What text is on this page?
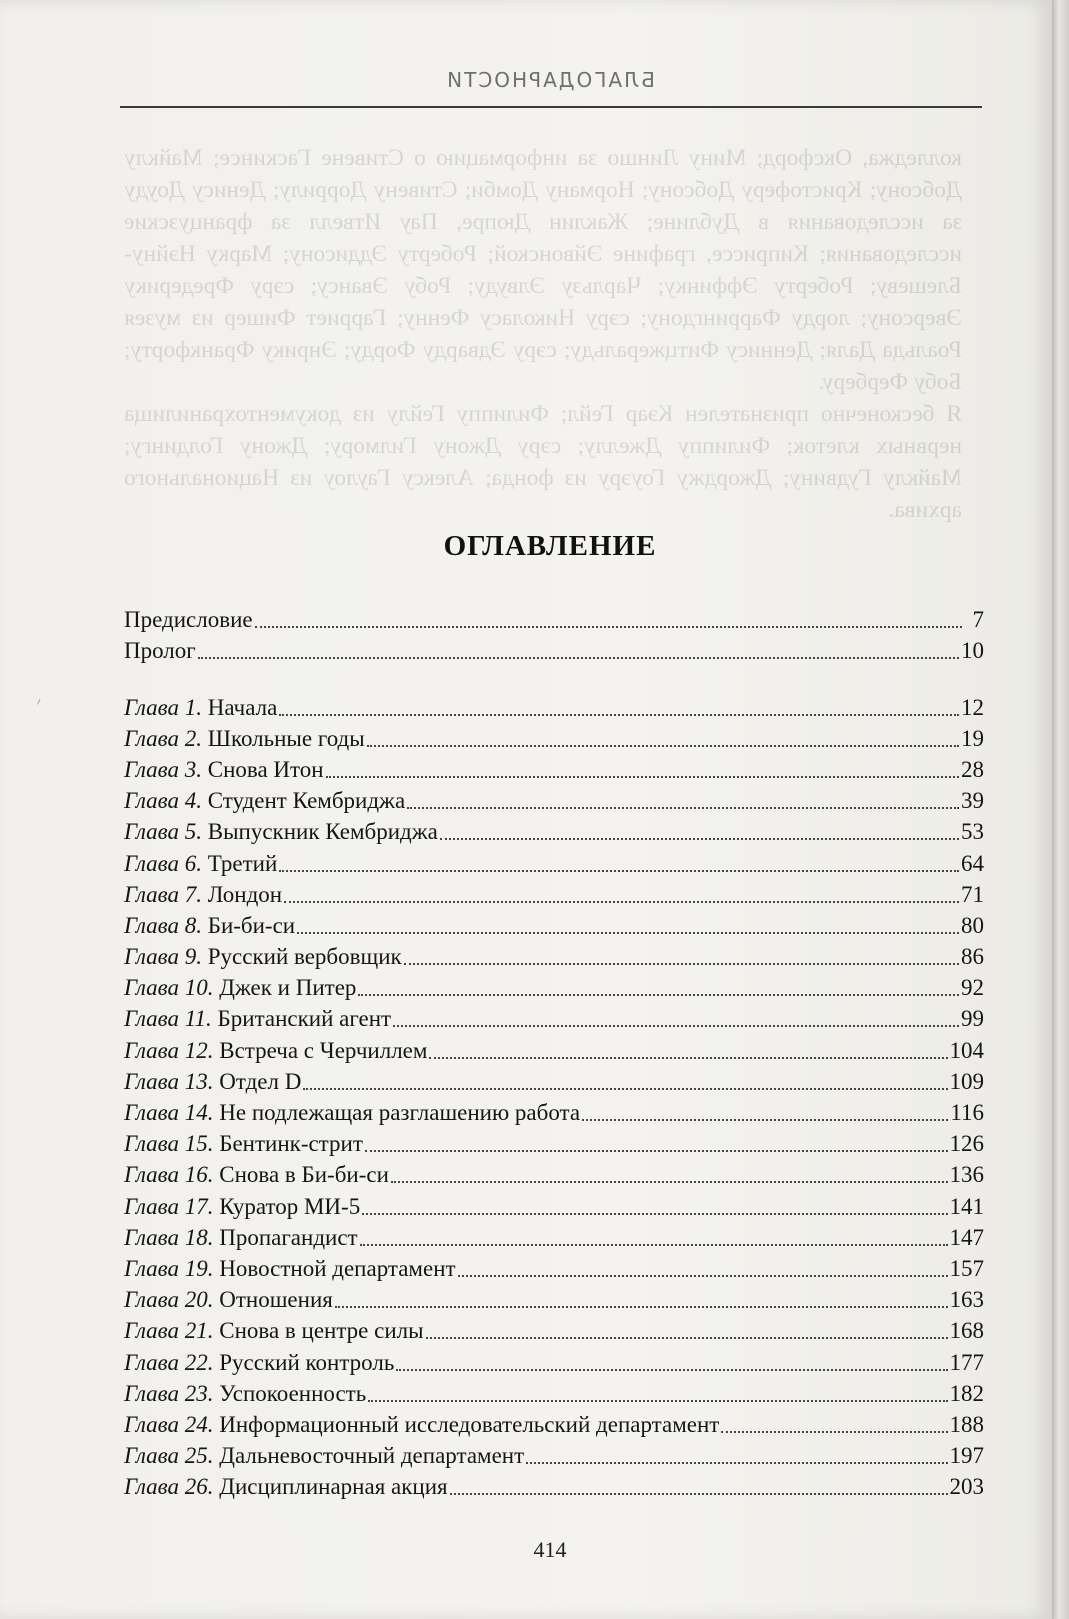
БЛАГОДАРНОСТИ

колледжа, Оксфорд; Мину Линшо за информацию о Стивене Гаскинсе; Майклу Добсону; Кристоферу Добсону; Норману Домби; Стивену Доррилу; Денису Доуду за исследования в Дублине; Жаклин Дюпре, Пау Итвелл за французские исследования; Киприссе, графине Эйвонской; Роберту Эддисону; Марку Нэйну-Блешеву; Роберту Эффинку; Чарльзу Элвуду; Робу Эвансу; сэру Фредерику Эверсону; лорду Фаррингдону; сэру Николасу Фенну; Гарриет Фишер из музея Роальда Даля; Деннису Фитцжеральду; сэру Эдварду Форду; Энрику Франкфорту; Бобу Ферберу.

Я бесконечно признателен Кэар Гейл; Филиппу Гейлу из документохранилища нервных клеток; Филиппу Джеллу; сэру Джону Гилмору; Джону Голдингу; Майклу Гудвину; Джорджу Гоуэру из фонда; Алексу Гаулоу из Национального архива.

ОГЛАВЛЕНИЕ
Предисловие	7
Пролог	10
Глава 1. Начала	12
Глава 2. Школьные годы	19
Глава 3. Снова Итон	28
Глава 4. Студент Кембриджа	39
Глава 5. Выпускник Кембриджа	53
Глава 6. Третий	64
Глава 7. Лондон	71
Глава 8. Би-би-си	80
Глава 9. Русский вербовщик	86
Глава 10. Джек и Питер	92
Глава 11. Британский агент	99
Глава 12. Встреча с Черчиллем	104
Глава 13. Отдел D	109
Глава 14. Не подлежащая разглашению работа	116
Глава 15. Бентинк-стрит	126
Глава 16. Снова в Би-би-си	136
Глава 17. Куратор МИ-5	141
Глава 18. Пропагандист	147
Глава 19. Новостной департамент	157
Глава 20. Отношения	163
Глава 21. Снова в центре силы	168
Глава 22. Русский контроль	177
Глава 23. Успокоенность	182
Глава 24. Информационный исследовательский департамент	188
Глава 25. Дальневосточный департамент	197
Глава 26. Дисциплинарная акция	203
414
